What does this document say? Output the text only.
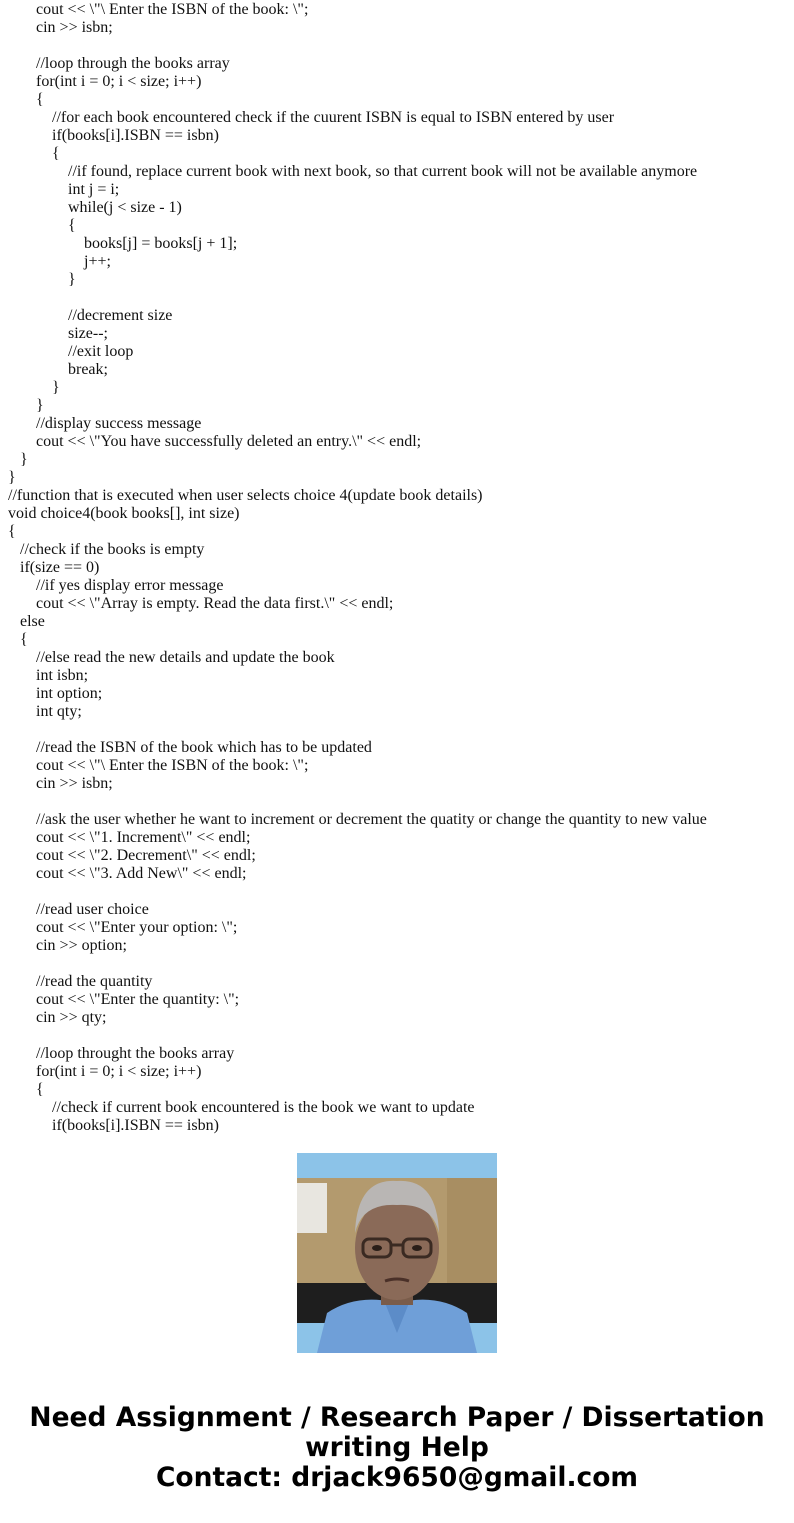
cout << \"\ Enter the ISBN of the book: \";
cin >> isbn;
//loop through the books array
for(int i = 0; i < size; i++)
{
//for each book encountered check if the cuurent ISBN is equal to ISBN entered by user
if(books[i].ISBN == isbn)
{
//if found, replace current book with next book, so that current book will not be available anymore
int j = i;
while(j < size - 1)
{
books[j] = books[j + 1];
j++;
}
//decrement size
size--;
//exit loop
break;
}
}
//display success message
cout << \"You have successfully deleted an entry.\" << endl;
}
}
//function that is executed when user selects choice 4(update book details)
void choice4(book books[], int size)
{
//check if the books is empty
if(size == 0)
//if yes display error message
cout << \"Array is empty. Read the data first.\" << endl;
else
{
//else read the new details and update the book
int isbn;
int option;
int qty;
//read the ISBN of the book which has to be updated
cout << \"\ Enter the ISBN of the book: \";
cin >> isbn;
//ask the user whether he want to increment or decrement the quatity or change the quantity to new value
cout << \"1. Increment\" << endl;
cout << \"2. Decrement\" << endl;
cout << \"3. Add New\" << endl;
//read user choice
cout << \"Enter your option: \";
cin >> option;
//read the quantity
cout << \"Enter the quantity: \";
cin >> qty;
//loop throught the books array
for(int i = 0; i < size; i++)
{
//check if current book encountered is the book we want to update
if(books[i].ISBN == isbn)
Need Assignment / Research Paper / Dissertation
writing Help
Contact: drjack9650@gmail.com
